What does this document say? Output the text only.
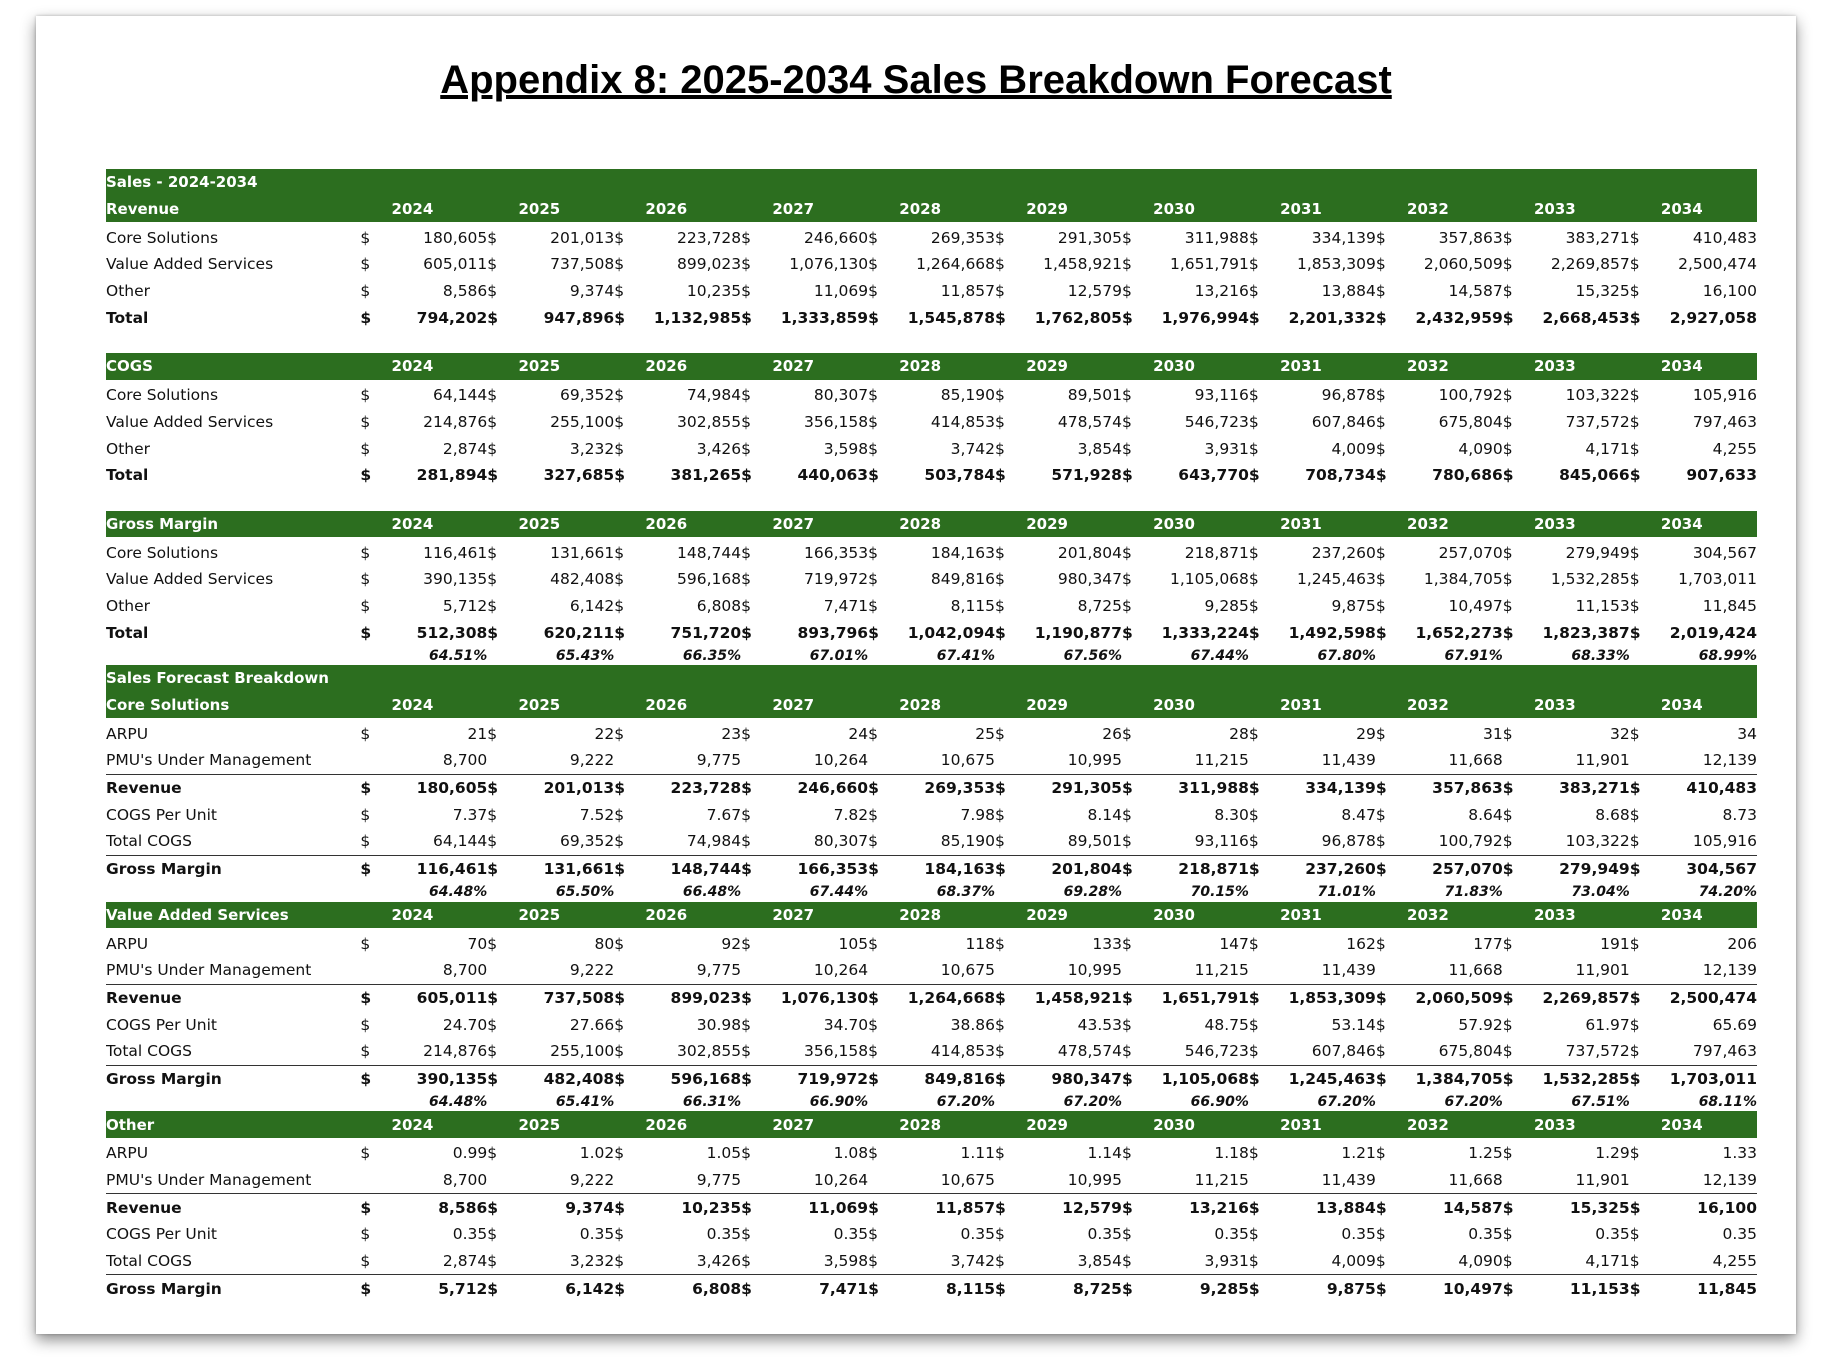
Appendix 8: 2025-2034 Sales Breakdown Forecast
Sales - 2024-2034																						
Revenue		2024		2025		2026		2027		2028		2029		2030		2031		2032		2033		2034
Core Solutions	$	180,605	$	201,013	$	223,728	$	246,660	$	269,353	$	291,305	$	311,988	$	334,139	$	357,863	$	383,271	$	410,483
Value Added Services	$	605,011	$	737,508	$	899,023	$	1,076,130	$	1,264,668	$	1,458,921	$	1,651,791	$	1,853,309	$	2,060,509	$	2,269,857	$	2,500,474
Other	$	8,586	$	9,374	$	10,235	$	11,069	$	11,857	$	12,579	$	13,216	$	13,884	$	14,587	$	15,325	$	16,100
Total	$	794,202	$	947,896	$	1,132,985	$	1,333,859	$	1,545,878	$	1,762,805	$	1,976,994	$	2,201,332	$	2,432,959	$	2,668,453	$	2,927,058

COGS		2024		2025		2026		2027		2028		2029		2030		2031		2032		2033		2034
Core Solutions	$	64,144	$	69,352	$	74,984	$	80,307	$	85,190	$	89,501	$	93,116	$	96,878	$	100,792	$	103,322	$	105,916
Value Added Services	$	214,876	$	255,100	$	302,855	$	356,158	$	414,853	$	478,574	$	546,723	$	607,846	$	675,804	$	737,572	$	797,463
Other	$	2,874	$	3,232	$	3,426	$	3,598	$	3,742	$	3,854	$	3,931	$	4,009	$	4,090	$	4,171	$	4,255
Total	$	281,894	$	327,685	$	381,265	$	440,063	$	503,784	$	571,928	$	643,770	$	708,734	$	780,686	$	845,066	$	907,633

Gross Margin		2024		2025		2026		2027		2028		2029		2030		2031		2032		2033		2034
Core Solutions	$	116,461	$	131,661	$	148,744	$	166,353	$	184,163	$	201,804	$	218,871	$	237,260	$	257,070	$	279,949	$	304,567
Value Added Services	$	390,135	$	482,408	$	596,168	$	719,972	$	849,816	$	980,347	$	1,105,068	$	1,245,463	$	1,384,705	$	1,532,285	$	1,703,011
Other	$	5,712	$	6,142	$	6,808	$	7,471	$	8,115	$	8,725	$	9,285	$	9,875	$	10,497	$	11,153	$	11,845
Total	$	512,308	$	620,211	$	751,720	$	893,796	$	1,042,094	$	1,190,877	$	1,333,224	$	1,492,598	$	1,652,273	$	1,823,387	$	2,019,424
		64.51%		65.43%		66.35%		67.01%		67.41%		67.56%		67.44%		67.80%		67.91%		68.33%		68.99%
Sales Forecast Breakdown																						
Core Solutions		2024		2025		2026		2027		2028		2029		2030		2031		2032		2033		2034
ARPU	$	21	$	22	$	23	$	24	$	25	$	26	$	28	$	29	$	31	$	32	$	34
PMU's Under Management		8,700		9,222		9,775		10,264		10,675		10,995		11,215		11,439		11,668		11,901		12,139
Revenue	$	180,605	$	201,013	$	223,728	$	246,660	$	269,353	$	291,305	$	311,988	$	334,139	$	357,863	$	383,271	$	410,483
COGS Per Unit	$	7.37	$	7.52	$	7.67	$	7.82	$	7.98	$	8.14	$	8.30	$	8.47	$	8.64	$	8.68	$	8.73
Total COGS	$	64,144	$	69,352	$	74,984	$	80,307	$	85,190	$	89,501	$	93,116	$	96,878	$	100,792	$	103,322	$	105,916
Gross Margin	$	116,461	$	131,661	$	148,744	$	166,353	$	184,163	$	201,804	$	218,871	$	237,260	$	257,070	$	279,949	$	304,567
		64.48%		65.50%		66.48%		67.44%		68.37%		69.28%		70.15%		71.01%		71.83%		73.04%		74.20%
Value Added Services		2024		2025		2026		2027		2028		2029		2030		2031		2032		2033		2034
ARPU	$	70	$	80	$	92	$	105	$	118	$	133	$	147	$	162	$	177	$	191	$	206
PMU's Under Management		8,700		9,222		9,775		10,264		10,675		10,995		11,215		11,439		11,668		11,901		12,139
Revenue	$	605,011	$	737,508	$	899,023	$	1,076,130	$	1,264,668	$	1,458,921	$	1,651,791	$	1,853,309	$	2,060,509	$	2,269,857	$	2,500,474
COGS Per Unit	$	24.70	$	27.66	$	30.98	$	34.70	$	38.86	$	43.53	$	48.75	$	53.14	$	57.92	$	61.97	$	65.69
Total COGS	$	214,876	$	255,100	$	302,855	$	356,158	$	414,853	$	478,574	$	546,723	$	607,846	$	675,804	$	737,572	$	797,463
Gross Margin	$	390,135	$	482,408	$	596,168	$	719,972	$	849,816	$	980,347	$	1,105,068	$	1,245,463	$	1,384,705	$	1,532,285	$	1,703,011
		64.48%		65.41%		66.31%		66.90%		67.20%		67.20%		66.90%		67.20%		67.20%		67.51%		68.11%
Other		2024		2025		2026		2027		2028		2029		2030		2031		2032		2033		2034
ARPU	$	0.99	$	1.02	$	1.05	$	1.08	$	1.11	$	1.14	$	1.18	$	1.21	$	1.25	$	1.29	$	1.33
PMU's Under Management		8,700		9,222		9,775		10,264		10,675		10,995		11,215		11,439		11,668		11,901		12,139
Revenue	$	8,586	$	9,374	$	10,235	$	11,069	$	11,857	$	12,579	$	13,216	$	13,884	$	14,587	$	15,325	$	16,100
COGS Per Unit	$	0.35	$	0.35	$	0.35	$	0.35	$	0.35	$	0.35	$	0.35	$	0.35	$	0.35	$	0.35	$	0.35
Total COGS	$	2,874	$	3,232	$	3,426	$	3,598	$	3,742	$	3,854	$	3,931	$	4,009	$	4,090	$	4,171	$	4,255
Gross Margin	$	5,712	$	6,142	$	6,808	$	7,471	$	8,115	$	8,725	$	9,285	$	9,875	$	10,497	$	11,153	$	11,845
